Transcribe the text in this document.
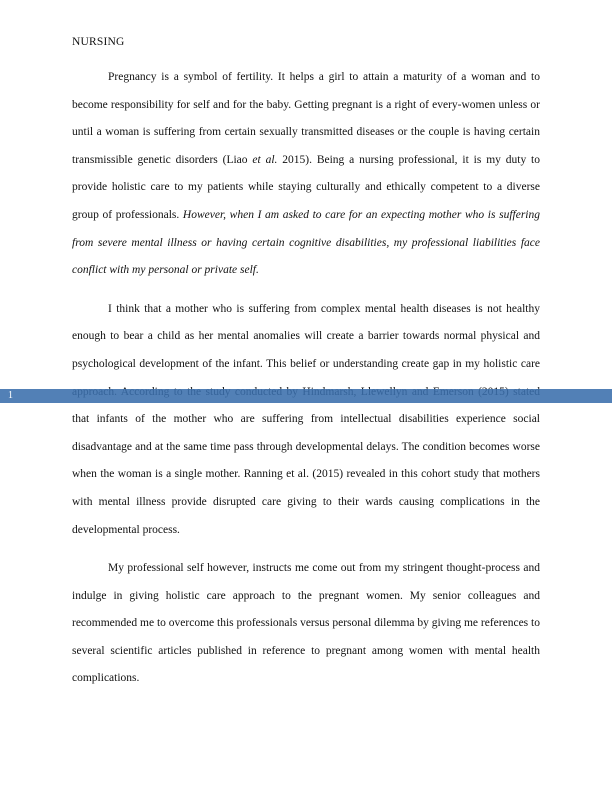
NURSING

Pregnancy is a symbol of fertility. It helps a girl to attain a maturity of a woman and to become responsibility for self and for the baby. Getting pregnant is a right of every-women unless or until a woman is suffering from certain sexually transmitted diseases or the couple is having certain transmissible genetic disorders (Liao et al. 2015). Being a nursing professional, it is my duty to provide holistic care to my patients while staying culturally and ethically competent to a diverse group of professionals. However, when I am asked to care for an expecting mother who is suffering from severe mental illness or having certain cognitive disabilities, my professional liabilities face conflict with my personal or private self.

I think that a mother who is suffering from complex mental health diseases is not healthy enough to bear a child as her mental anomalies will create a barrier towards normal physical and psychological development of the infant. This belief or understanding create gap in my holistic care that infants of the mother who are suffering from intellectual disabilities experience social disadvantage and at the same time pass through developmental delays. The condition becomes worse when the woman is a single mother. Ranning et al. (2015) revealed in this cohort study that mothers with mental illness provide disrupted care giving to their wards causing complications in the developmental process.

My professional self however, instructs me come out from my stringent thought-process and indulge in giving holistic care approach to the pregnant women. My senior colleagues and recommended me to overcome this professionals versus personal dilemma by giving me references to several scientific articles published in reference to pregnant among women with mental health complications.

1
